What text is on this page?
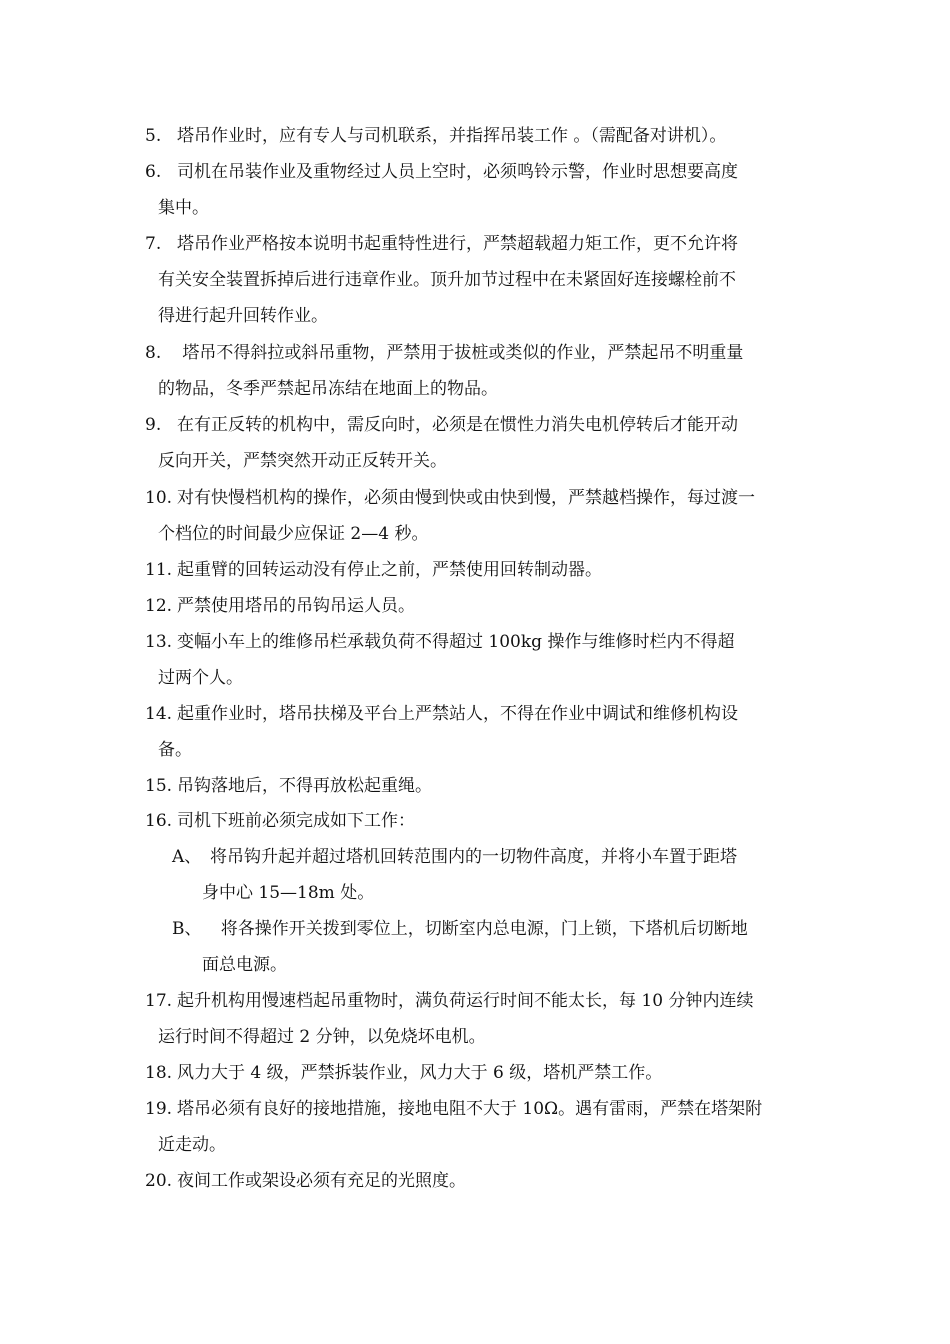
5. 塔吊作业时，应有专人与司机联系，并指挥吊装工作 。（需配备对讲机）。
6. 司机在吊装作业及重物经过人员上空时，必须鸣铃示警，作业时思想要高度
集中。
7. 塔吊作业严格按本说明书起重特性进行，严禁超载超力矩工作，更不允许将
有关安全装置拆掉后进行违章作业。顶升加节过程中在未紧固好连接螺栓前不
得进行起升回转作业。
8. 塔吊不得斜拉或斜吊重物，严禁用于拔桩或类似的作业，严禁起吊不明重量
的物品，冬季严禁起吊冻结在地面上的物品。
9. 在有正反转的机构中，需反向时，必须是在惯性力消失电机停转后才能开动
反向开关，严禁突然开动正反转开关。
10. 对有快慢档机构的操作，必须由慢到快或由快到慢，严禁越档操作，每过渡一
个档位的时间最少应保证 2—4 秒。
11. 起重臂的回转运动没有停止之前，严禁使用回转制动器。
12. 严禁使用塔吊的吊钩吊运人员。
13. 变幅小车上的维修吊栏承载负荷不得超过 100kg 操作与维修时栏内不得超
过两个人。
14. 起重作业时，塔吊扶梯及平台上严禁站人，不得在作业中调试和维修机构设
备。
15. 吊钩落地后，不得再放松起重绳。
16. 司机下班前必须完成如下工作：
A、 将吊钩升起并超过塔机回转范围内的一切物件高度，并将小车置于距塔
身中心 15—18m 处。
B、  将各操作开关拨到零位上，切断室内总电源，门上锁，下塔机后切断地
面总电源。
17. 起升机构用慢速档起吊重物时，满负荷运行时间不能太长，每 10 分钟内连续
运行时间不得超过 2 分钟，以免烧坏电机。
18. 风力大于 4 级，严禁拆装作业，风力大于 6 级，塔机严禁工作。
19. 塔吊必须有良好的接地措施，接地电阻不大于 10Ω。遇有雷雨，严禁在塔架附
近走动。
20. 夜间工作或架设必须有充足的光照度。
